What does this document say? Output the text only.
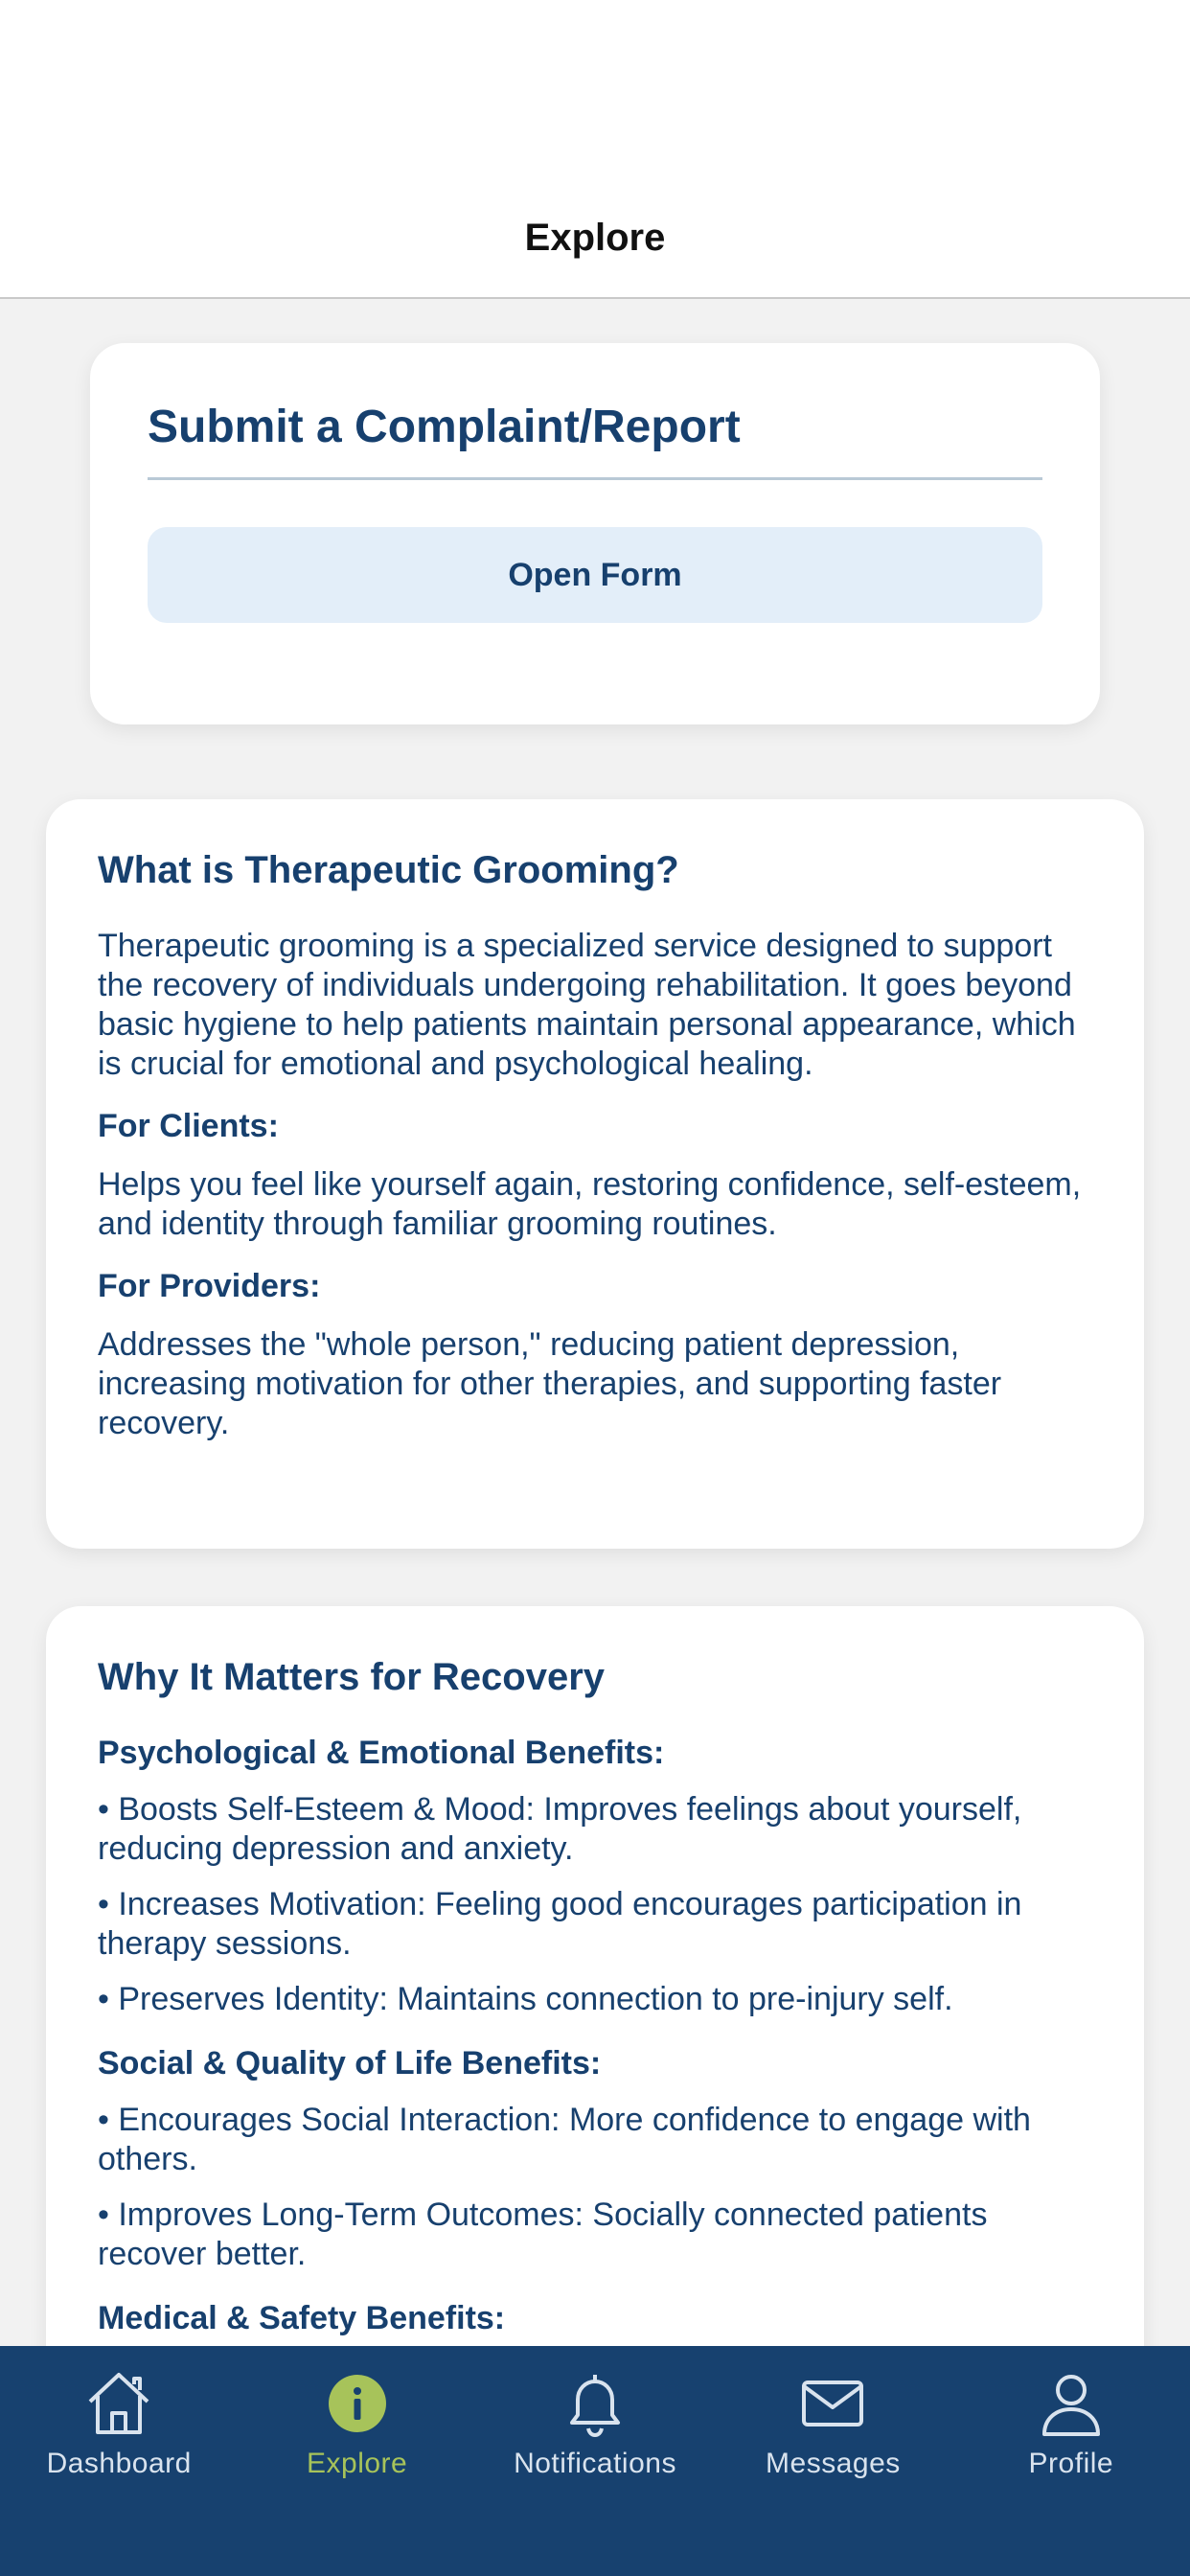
Explore
Submit a Complaint/Report
Open Form
What is Therapeutic Grooming?
Therapeutic grooming is a specialized service designed to support the recovery of individuals undergoing rehabilitation. It goes beyond basic hygiene to help patients maintain personal appearance, which is crucial for emotional and psychological healing.
For Clients:
Helps you feel like yourself again, restoring confidence, self-esteem, and identity through familiar grooming routines.
For Providers:
Addresses the "whole person," reducing patient depression, increasing motivation for other therapies, and supporting faster recovery.
Why It Matters for Recovery
Psychological & Emotional Benefits:
• Boosts Self-Esteem & Mood: Improves feelings about yourself, reducing depression and anxiety.
• Increases Motivation: Feeling good encourages participation in therapy sessions.
• Preserves Identity: Maintains connection to pre-injury self.
Social & Quality of Life Benefits:
• Encourages Social Interaction: More confidence to engage with others.
• Improves Long-Term Outcomes: Socially connected patients recover better.
Medical & Safety Benefits:
Dashboard	Explore	Notifications	Messages	Profile
